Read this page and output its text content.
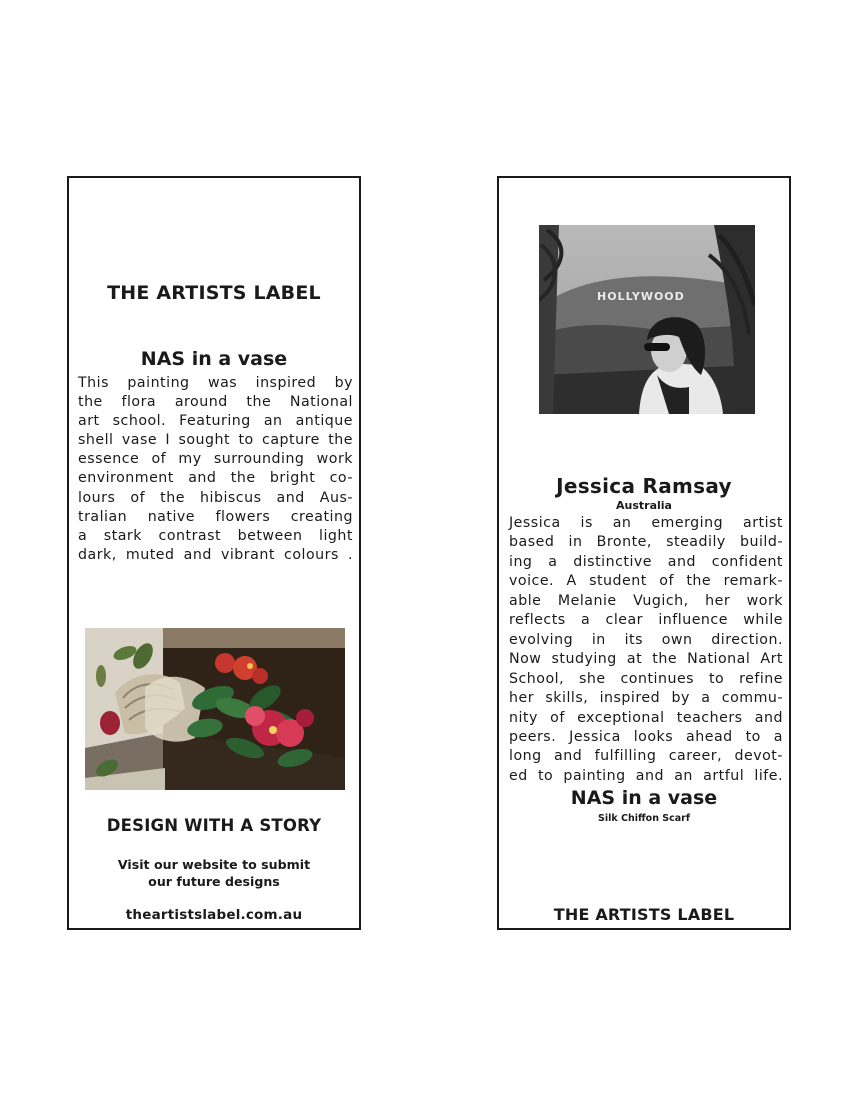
THE ARTISTS LABEL
NAS in a vase
This painting was inspired by
the flora around the National
art school. Featuring an antique
shell vase I sought to capture the
essence of my surrounding work
environment and the bright co-
lours of the hibiscus and Aus-
tralian native flowers creating
a stark contrast between light
dark, muted and vibrant colours .
DESIGN WITH A STORY
Visit our website to submit
our future designs
theartistslabel.com.au
HOLLYWOOD
Jessica Ramsay
Australia
Jessica is an emerging artist
based in Bronte, steadily build-
ing a distinctive and confident
voice. A student of the remark-
able Melanie Vugich, her work
reflects a clear influence while
evolving in its own direction.
Now studying at the National Art
School, she continues to refine
her skills, inspired by a commu-
nity of exceptional teachers and
peers. Jessica looks ahead to a
long and fulfilling career, devot-
ed to painting and an artful life.
NAS in a vase
Silk Chiffon Scarf
THE ARTISTS LABEL
